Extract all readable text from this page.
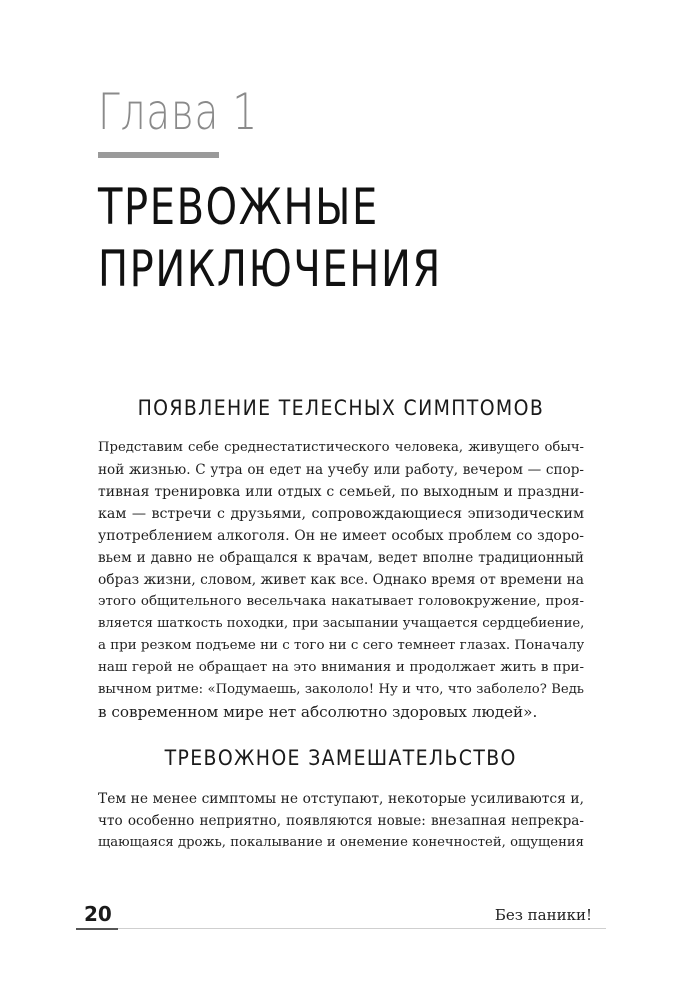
Глава 1
ТРЕВОЖНЫЕ
ПРИКЛЮЧЕНИЯ
ПОЯВЛЕНИЕ ТЕЛЕСНЫХ СИМПТОМОВ
Представим себе среднестатистического человека, живущего обыч-
ной жизнью. С утра он едет на учебу или работу, вечером — спор-
тивная тренировка или отдых с семьей, по выходным и праздни-
кам — встречи с друзьями, сопровождающиеся эпизодическим
употреблением алкоголя. Он не имеет особых проблем со здоро-
вьем и давно не обращался к врачам, ведет вполне традиционный
образ жизни, словом, живет как все. Однако время от времени на
этого общительного весельчака накатывает головокружение, проя-
вляется шаткость походки, при засыпании учащается сердцебиение,
а при резком подъеме ни с того ни с сего темнеет глазах. Поначалу
наш герой не обращает на это внимания и продолжает жить в при-
вычном ритме: «Подумаешь, закололо! Ну и что, что заболело? Ведь
в современном мире нет абсолютно здоровых людей».
ТРЕВОЖНОЕ ЗАМЕШАТЕЛЬСТВО
Тем не менее симптомы не отступают, некоторые усиливаются и,
что особенно неприятно, появляются новые: внезапная непрекра-
щающаяся дрожь, покалывание и онемение конечностей, ощущения
20	Без паники!
